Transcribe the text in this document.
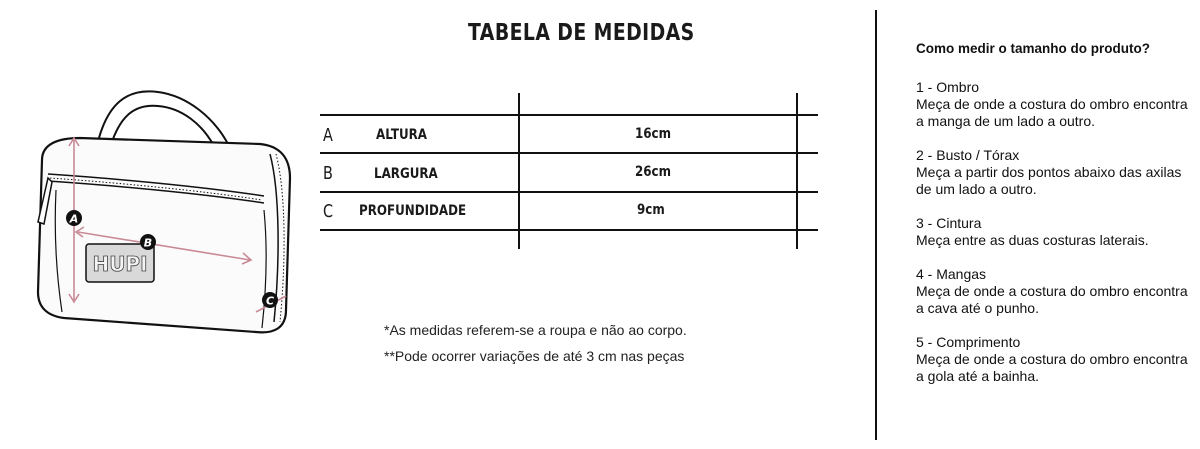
HUPI
A
B
C
TABELA DE MEDIDAS
A	ALTURA	16cm
B	LARGURA	26cm
C PROFUNDIDADE	9cm
*As medidas referem-se a roupa e não ao corpo.
**Pode ocorrer variações de até 3 cm nas peças
Como medir o tamanho do produto?
1 - Ombro
Meça de onde a costura do ombro encontra a manga de um lado a outro.
2 - Busto / Tórax
Meça a partir dos pontos abaixo das axilas de um lado a outro.
3 - Cintura
Meça entre as duas costuras laterais.
4 - Mangas
Meça de onde a costura do ombro encontra a cava até o punho.
5 - Comprimento
Meça de onde a costura do ombro encontra a gola até a bainha.
